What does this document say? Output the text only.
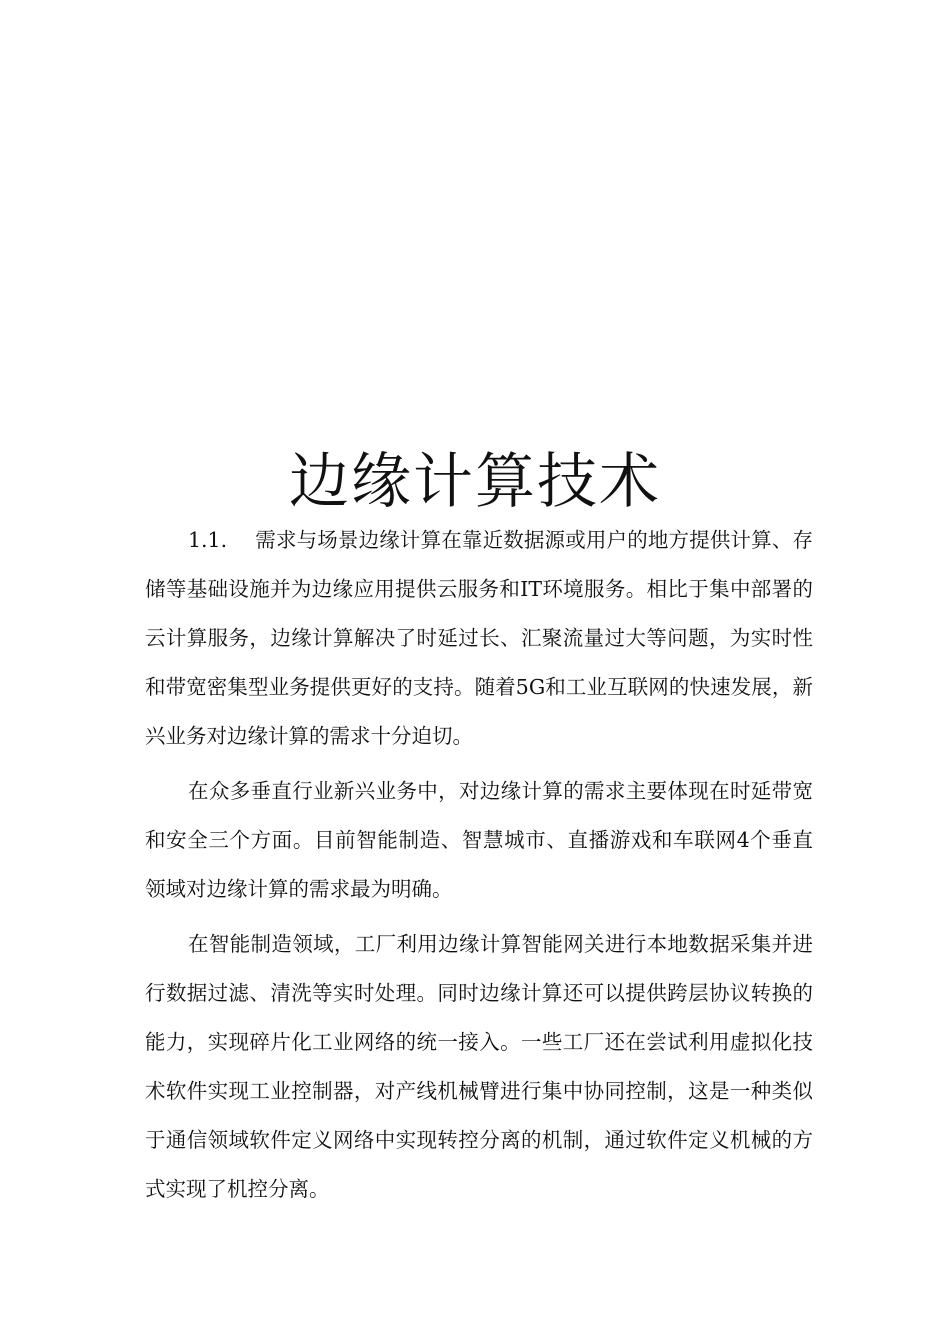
边缘计算技术

1.1. 需求与场景边缘计算在靠近数据源或用户的地方提供计算、存储等基础设施并为边缘应用提供云服务和IT环境服务。相比于集中部署的云计算服务，边缘计算解决了时延过长、汇聚流量过大等问题，为实时性和带宽密集型业务提供更好的支持。随着5G和工业互联网的快速发展，新兴业务对边缘计算的需求十分迫切。

在众多垂直行业新兴业务中，对边缘计算的需求主要体现在时延带宽和安全三个方面。目前智能制造、智慧城市、直播游戏和车联网4个垂直领域对边缘计算的需求最为明确。

在智能制造领域，工厂利用边缘计算智能网关进行本地数据采集并进行数据过滤、清洗等实时处理。同时边缘计算还可以提供跨层协议转换的能力，实现碎片化工业网络的统一接入。一些工厂还在尝试利用虚拟化技术软件实现工业控制器，对产线机械臂进行集中协同控制，这是一种类似于通信领域软件定义网络中实现转控分离的机制，通过软件定义机械的方式实现了机控分离。
